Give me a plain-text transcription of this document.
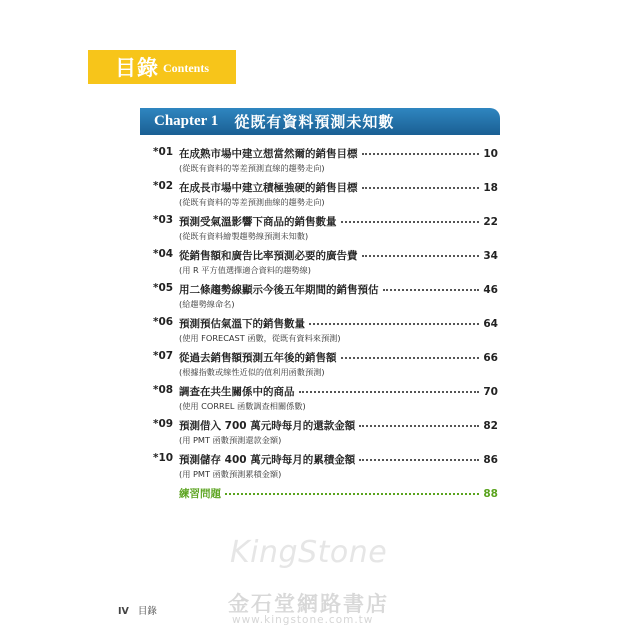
目錄 Contents
Chapter 1 從既有資料預測未知數
*01 在成熟市場中建立想當然爾的銷售目標	10
(從既有資料的等差預測直線的趨勢走向)
*02 在成長市場中建立積極強硬的銷售目標	18
(從既有資料的等差預測曲線的趨勢走向)
*03 預測受氣溫影響下商品的銷售數量	22
(從既有資料繪製趨勢線預測未知數)
*04 從銷售額和廣告比率預測必要的廣告費	34
(用 R 平方值選擇適合資料的趨勢線)
*05 用二條趨勢線顯示今後五年期間的銷售預估	46
(給趨勢線命名)
*06 預測預估氣溫下的銷售數量	64
(使用 FORECAST 函數，從既有資料來預測)
*07 從過去銷售額預測五年後的銷售額	66
(根據指數或線性近似的值利用函數預測)
*08 調查在共生關係中的商品	70
(使用 CORREL 函數調查相關係數)
*09 預測借入 700 萬元時每月的還款金額	82
(用 PMT 函數預測還款金額)
*10 預測儲存 400 萬元時每月的累積金額	86
(用 PMT 函數預測累積金額)
練習問題	88
KingStone
金石堂網路書店
www.kingstone.com.tw
IV 目錄
